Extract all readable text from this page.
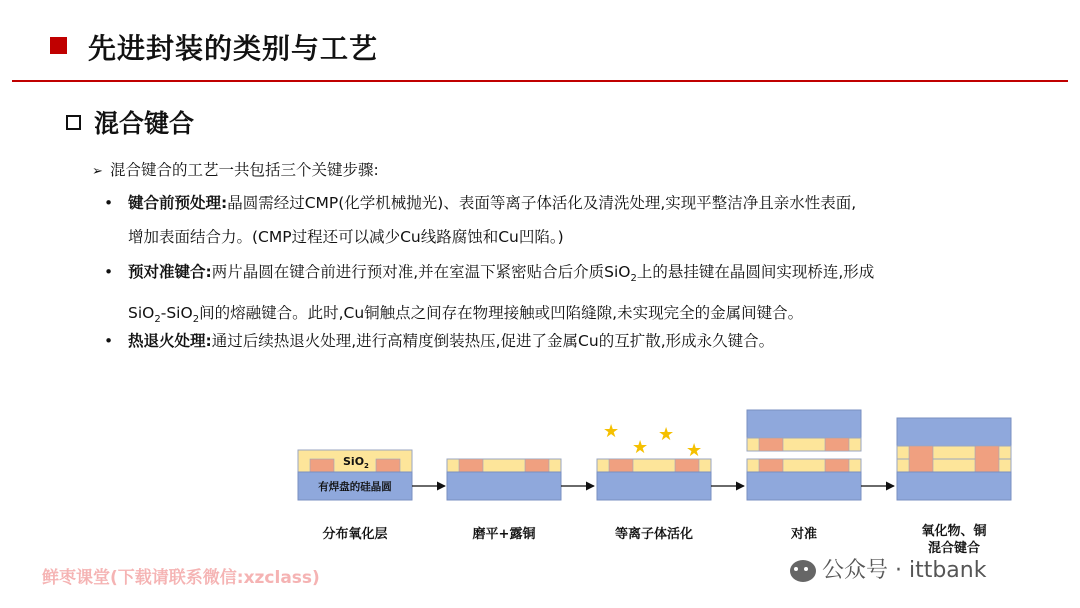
先进封装的类别与工艺
混合键合
➢ 混合键合的工艺一共包括三个关键步骤:
• 键合前预处理:晶圆需经过CMP(化学机械抛光)、表面等离子体活化及清洗处理,实现平整洁净且亲水性表面,
增加表面结合力。(CMP过程还可以减少Cu线路腐蚀和Cu凹陷。)
• 预对准键合:两片晶圆在键合前进行预对准,并在室温下紧密贴合后介质SiO$_2$上的悬挂键在晶圆间实现桥连,形成
SiO$_2$-SiO$_2$间的熔融键合。此时,Cu铜触点之间存在物理接触或凹陷缝隙,未实现完全的金属间键合。
• 热退火处理:通过后续热退火处理,进行高精度倒装热压,促进了金属Cu的互扩散,形成永久键合。
SiO$_2$
有焊盘的硅晶圆
★
★
★
★
分布氧化层	磨平+露铜	等离子体活化	对准	氧化物、铜
混合键合
鲜枣课堂(下载请联系微信:xzclass)	公众号 · ittbank
